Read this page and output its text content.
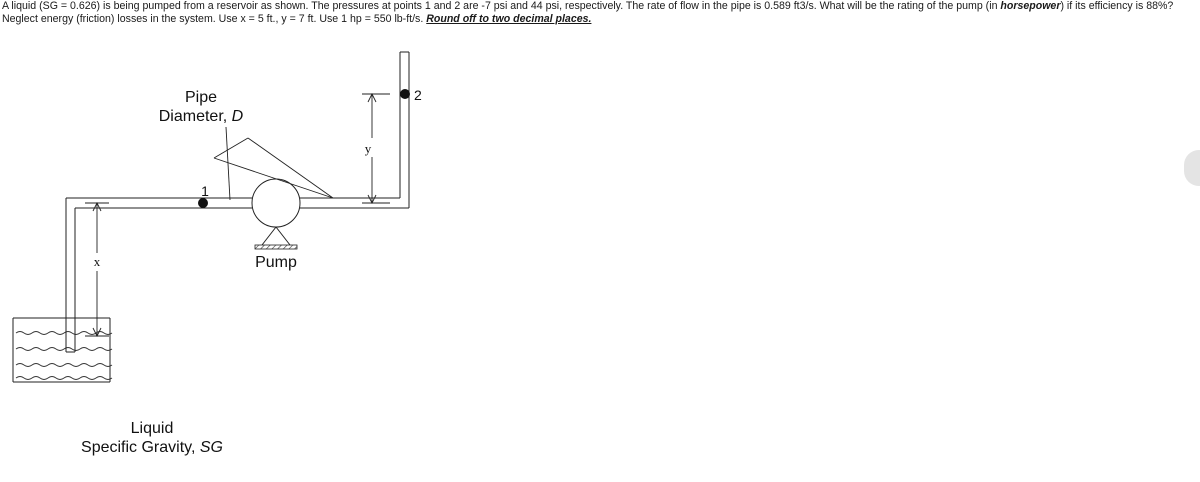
A liquid (SG = 0.626) is being pumped from a reservoir as shown. The pressures at points 1 and 2 are -7 psi and 44 psi, respectively. The rate of flow in the pipe is 0.589 ft3/s. What will be the rating of the pump (in horsepower) if its efficiency is 88%? Neglect energy (friction) losses in the system. Use x = 5 ft., y = 7 ft. Use 1 hp = 550 lb-ft/s. Round off to two decimal places.
Pipe
Diameter, D
1
2
Pump
x
y
Liquid
Specific Gravity, SG
